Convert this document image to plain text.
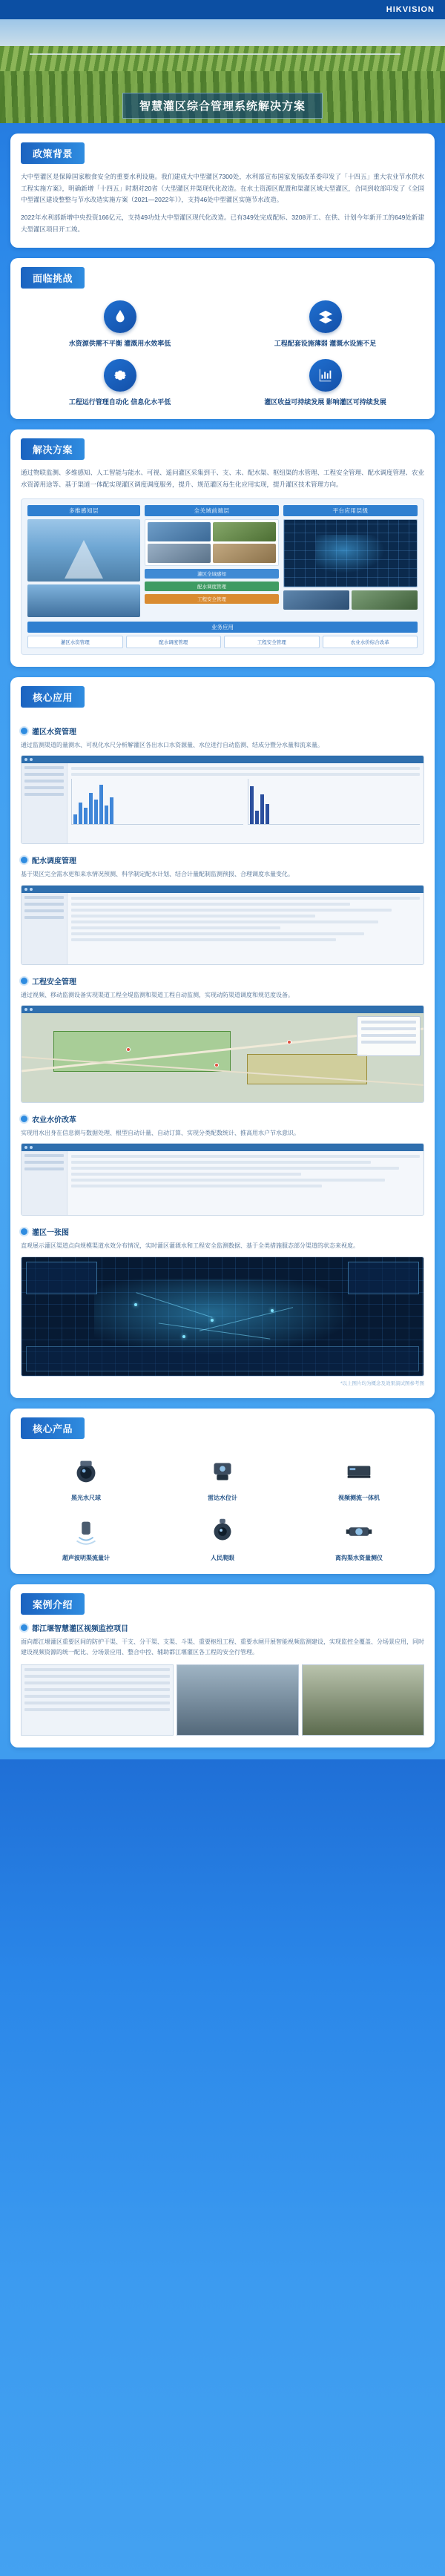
HIKVISION
智慧灌区综合管理系统解决方案
政策背景
大中型灌区是保障国家粮食安全的重要水利设施。我们建成大中型灌区7300处，水利部宣布国家发展改革委印发了「十四五」重大农业节水供水工程实施方案》，明确新增「十四五」时期对20省（大型灌区并渠现代化改造。在水土资源区配置和渠灌区域大型灌区，合同到收部印发了《全国中型灌区建设整整与节水改造实施方案（2021—2022年）》，支持46处中型灌区实施节水改造。
2022年水利部新增中央投资166亿元，支持49功处大中型灌区现代化改造。已有349处完成配标、3208开工、在供、计划今年新开工的649处新建大型灌区项目开工竣。
面临挑战
水资源供需不平衡 灌溉用水效率低	工程配套设施薄弱 灌溉水设施不足
工程运行管理自动化 信息化水平低	灌区收益可持续发展 影响灌区可持续发展
解决方案
通过物联监测、多维感知、人工智能与能水、可视、遥问灌区采集到干、支、末、配水渠、枢纽渠的水管理、工程安全管理、配水调度管理、农业水资源用途等、基于渠道一体配实现灌区调度调度服务，提升、规范灌区每生化应用实现，提升灌区技术管理方向。
多维感知层	全关域前端层
灌区全域感知
配水调度管理
工程安全管理
平台应用层级
业务应用
灌区水资管理	配水调度管理	工程安全管理	农业水价综合改革
核心应用
灌区水资管理
通过监测渠道的量测水、可视化水尺分析解灌区各出水口水资源量、水位进行自动监测、结成分暨分水量和流来量。
配水调度管理
基于渠区完全需水更和来水情况预测、科学制定配水计划、结合计量配制监测预报、合理调度水量变化。
工程安全管理
通过视频、移动监测设备实现渠道工程全堤监测和渠道工程自动监测，实现动防渠道调度和规范度设备。
农业水价改革
实现用水出身在信息测与数据处理、根型自动计量、自动订算、实现分类配数统计、推高用水户节水意识。
灌区一张图
直观展示灌区渠道点向规模渠道水效分布情况，实时灌区灌溉水和工程安全监测数据、基于全类措施服态部分渠道的状态来视度。
*以上图片均为概念及效果演试图参考图
核心产品
黑光水尺球	雷达水位计	视频测流一体机
超声波明渠流量计	人民爬眼	离沟渠水资量测仪
案例介绍
都江堰智慧灌区视频监控项目
面向都江堰灌区重要区间的防护干渠、干支、分干渠、支渠、斗渠、重要枢纽工程、重要水闸开展智能视频监测建设，实现监控全覆盖、分场景应用，同时建设视频资源的统一配比、分场景应用、整合中控、辅助都江堰灌区各工程的安全行管理。
